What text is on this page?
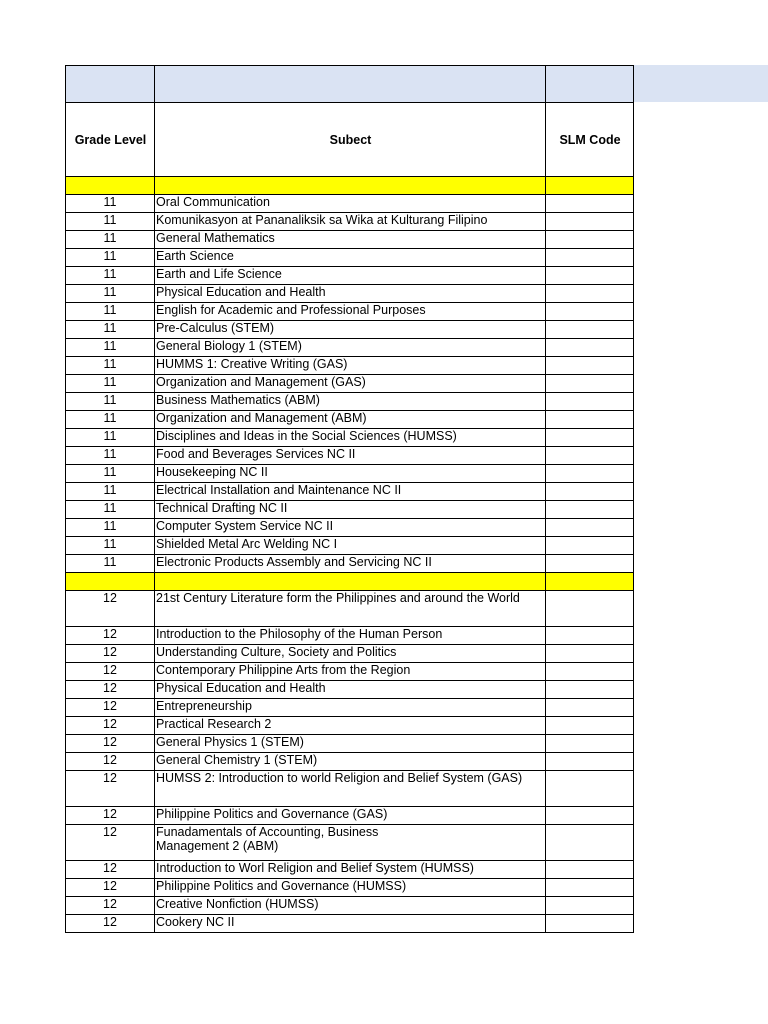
Grade Level	Subect	SLM Code

11	Oral Communication	
11	Komunikasyon at Pananaliksik sa Wika at Kulturang Filipino	
11	General Mathematics	
11	Earth Science	
11	Earth and Life Science	
11	Physical Education and Health	
11	English for Academic and Professional Purposes	
11	Pre-Calculus (STEM)	
11	General Biology 1 (STEM)	
11	HUMMS 1: Creative Writing (GAS)	
11	Organization and Management (GAS)	
11	Business Mathematics (ABM)	
11	Organization and Management (ABM)	
11	Disciplines and Ideas in the Social Sciences (HUMSS)	
11	Food and Beverages Services NC II	
11	Housekeeping NC II	
11	Electrical Installation and Maintenance NC II	
11	Technical Drafting NC II	
11	Computer System Service NC II	
11	Shielded Metal Arc Welding NC I	
11	Electronic Products Assembly and Servicing NC II	

12	21st Century Literature form the Philippines and around the World	
12	Introduction to the Philosophy of the Human Person	
12	Understanding Culture, Society and Politics	
12	Contemporary Philippine Arts from the Region	
12	Physical Education and Health	
12	Entrepreneurship	
12	Practical Research 2	
12	General Physics 1 (STEM)	
12	General Chemistry 1 (STEM)	
12	HUMSS 2: Introduction to world Religion and Belief System (GAS)	
12	Philippine Politics and Governance (GAS)	
12	Funadamentals of Accounting, Business
Management 2 (ABM)	
12	Introduction to Worl Religion and Belief System (HUMSS)	
12	Philippine Politics and Governance (HUMSS)	
12	Creative Nonfiction (HUMSS)	
12	Cookery NC II	
